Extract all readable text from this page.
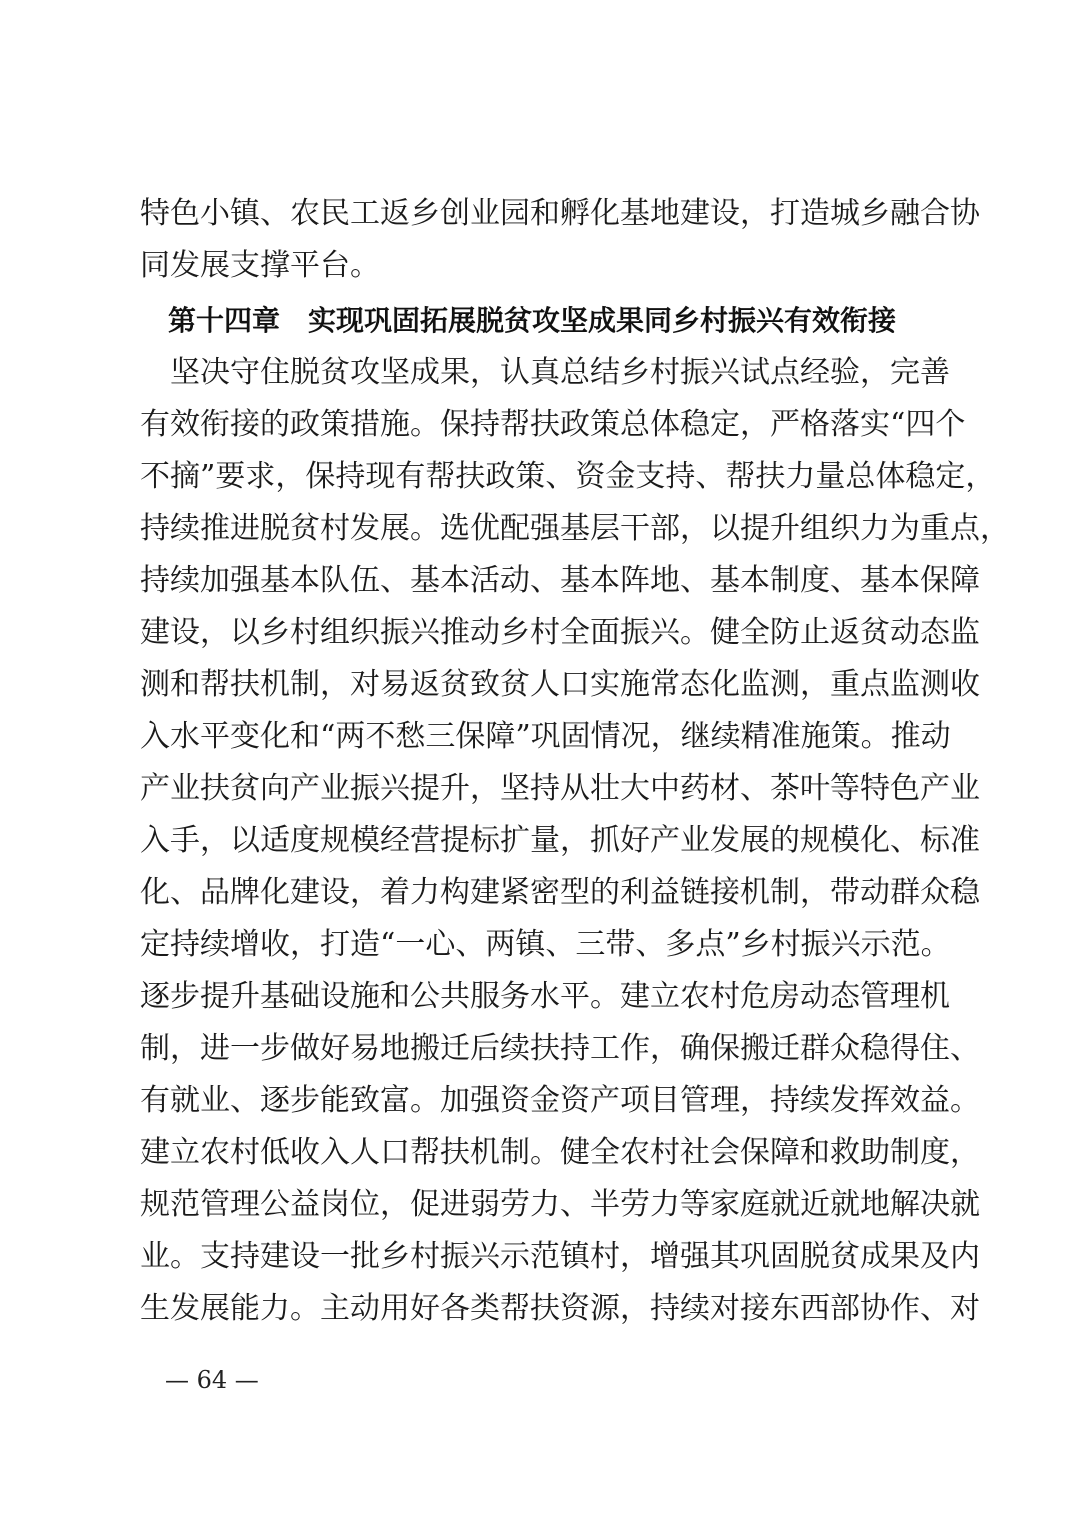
特色小镇、农民工返乡创业园和孵化基地建设，打造城乡融合协
同发展支撑平台。
第十四章 实现巩固拓展脱贫攻坚成果同乡村振兴有效衔接
　坚决守住脱贫攻坚成果，认真总结乡村振兴试点经验，完善
有效衔接的政策措施。保持帮扶政策总体稳定，严格落实“四个
不摘”要求，保持现有帮扶政策、资金支持、帮扶力量总体稳定，
持续推进脱贫村发展。选优配强基层干部，以提升组织力为重点，
持续加强基本队伍、基本活动、基本阵地、基本制度、基本保障
建设，以乡村组织振兴推动乡村全面振兴。健全防止返贫动态监
测和帮扶机制，对易返贫致贫人口实施常态化监测，重点监测收
入水平变化和“两不愁三保障”巩固情况，继续精准施策。推动
产业扶贫向产业振兴提升，坚持从壮大中药材、茶叶等特色产业
入手，以适度规模经营提标扩量，抓好产业发展的规模化、标准
化、品牌化建设，着力构建紧密型的利益链接机制，带动群众稳
定持续增收，打造“一心、两镇、三带、多点”乡村振兴示范。
逐步提升基础设施和公共服务水平。建立农村危房动态管理机
制，进一步做好易地搬迁后续扶持工作，确保搬迁群众稳得住、
有就业、逐步能致富。加强资金资产项目管理，持续发挥效益。
建立农村低收入人口帮扶机制。健全农村社会保障和救助制度，
规范管理公益岗位，促进弱劳力、半劳力等家庭就近就地解决就
业。支持建设一批乡村振兴示范镇村，增强其巩固脱贫成果及内
生发展能力。主动用好各类帮扶资源，持续对接东西部协作、对
— 64 —
